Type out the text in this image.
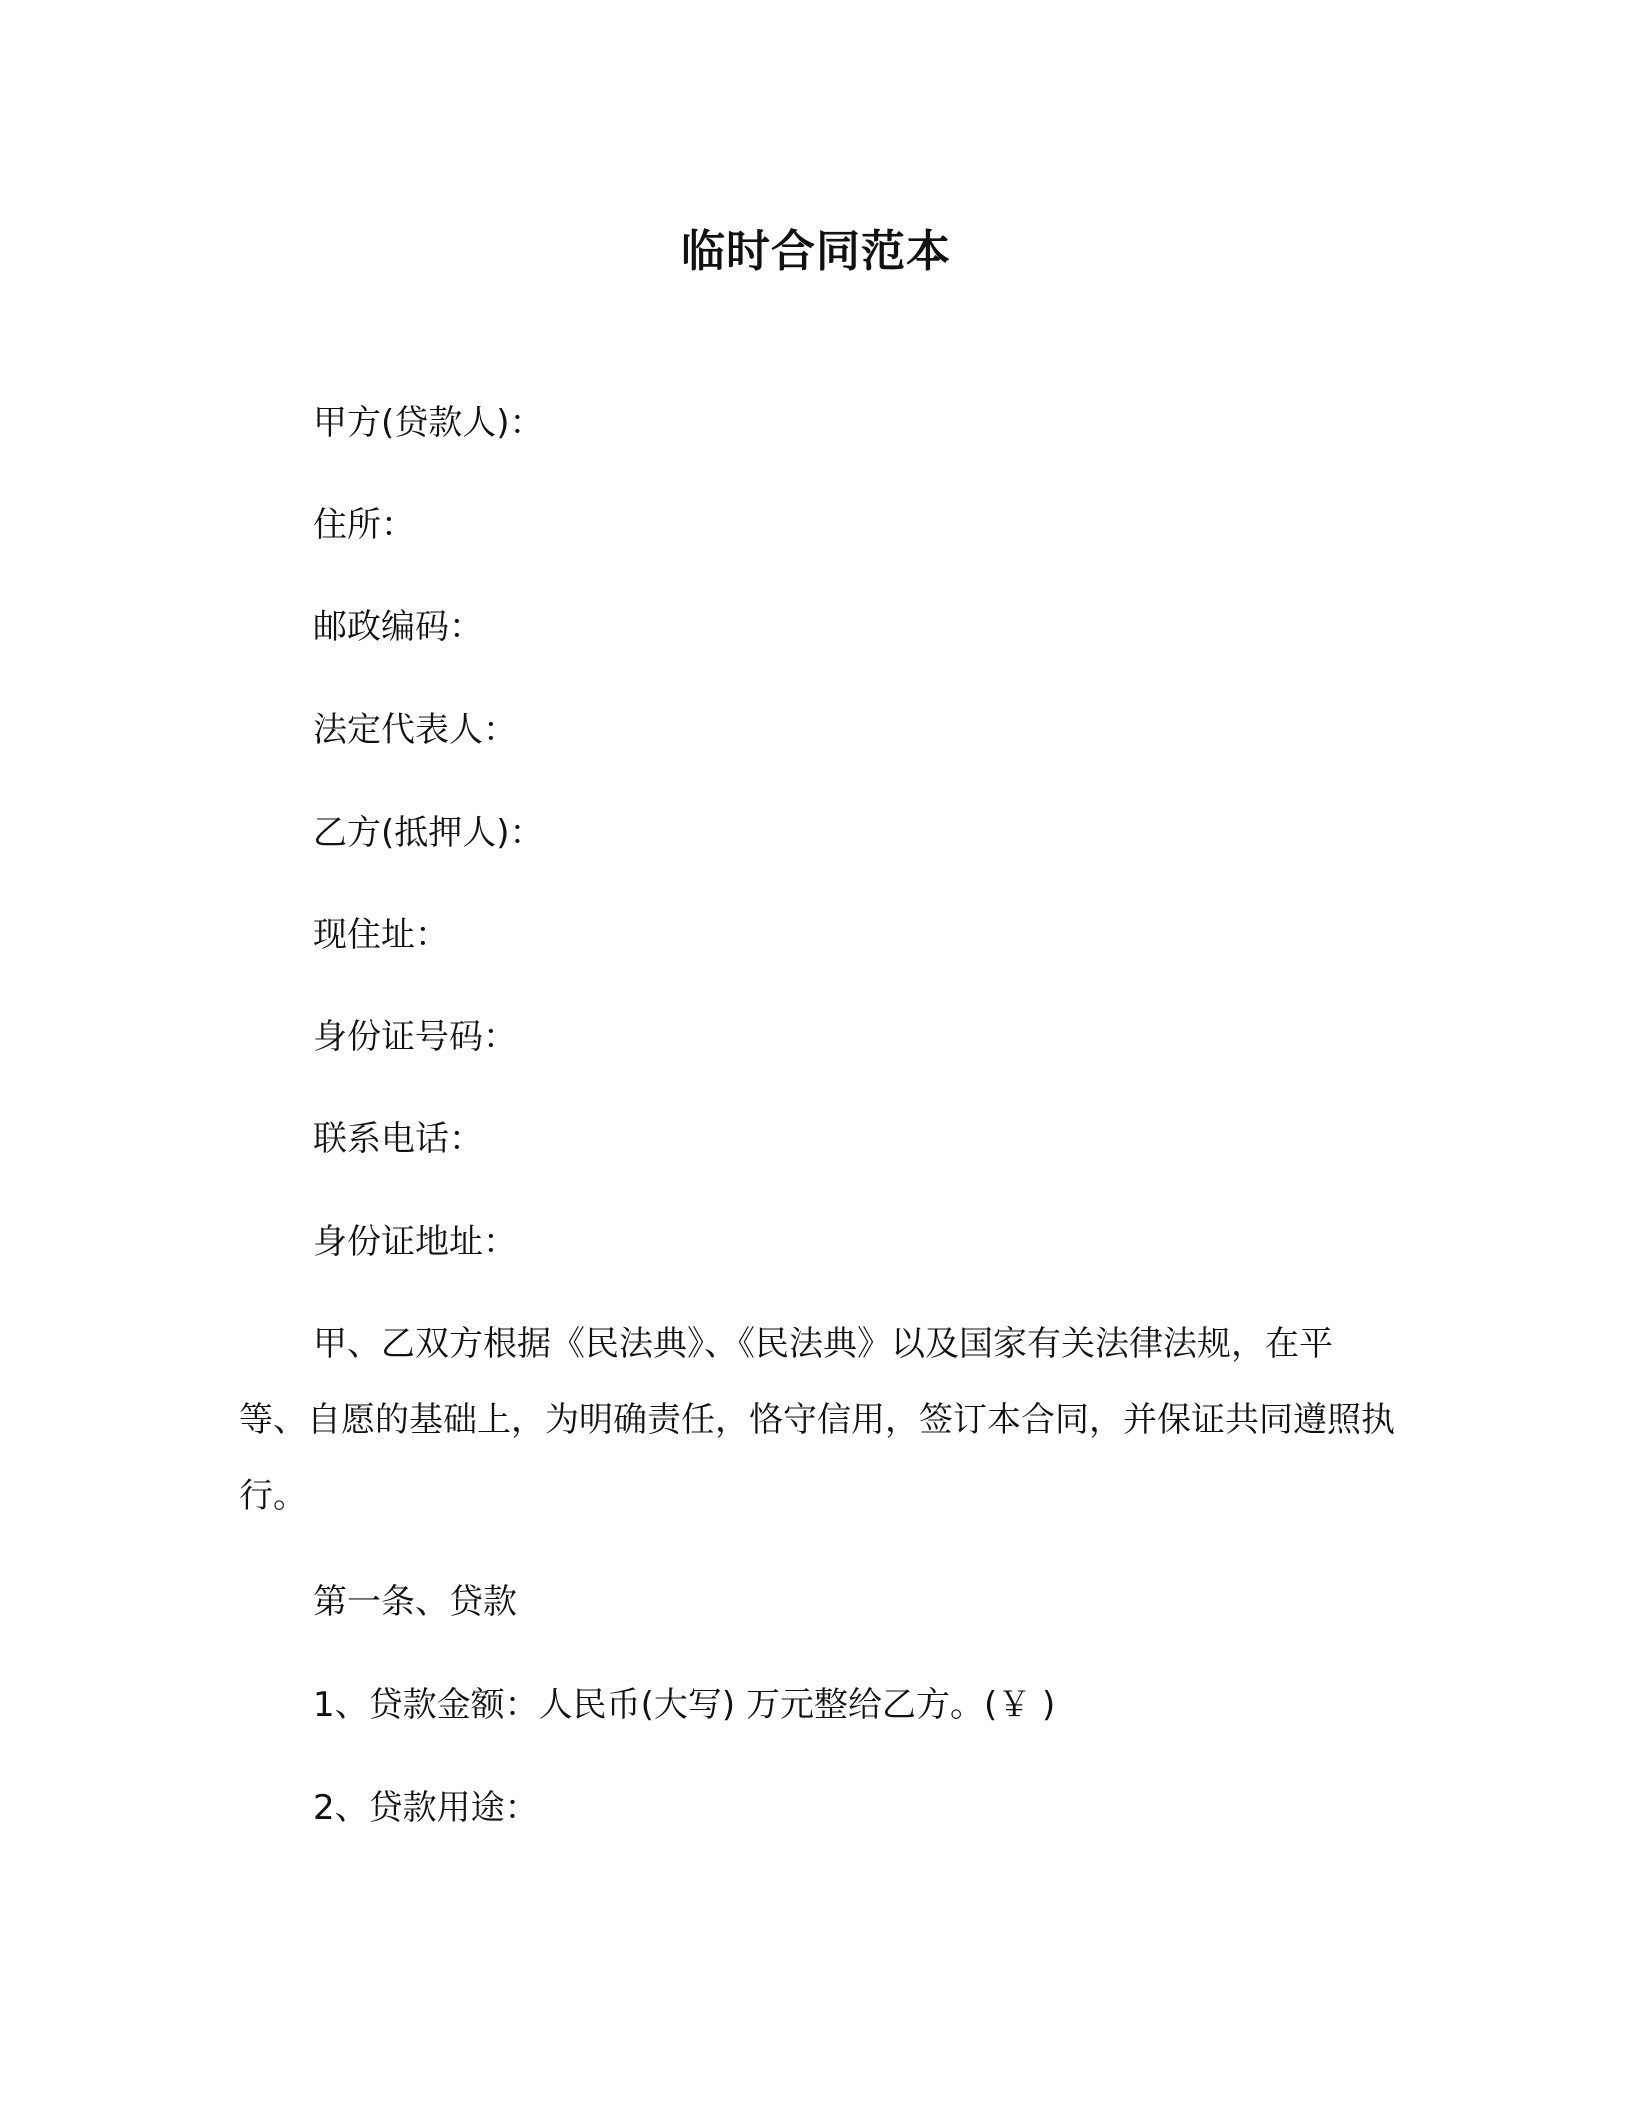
临时合同范本
甲方(贷款人)：
住所：
邮政编码：
法定代表人：
乙方(抵押人)：
现住址：
身份证号码：
联系电话：
身份证地址：
甲、乙双方根据《民法典》、《民法典》以及国家有关法律法规，在平等、自愿的基础上，为明确责任，恪守信用，签订本合同，并保证共同遵照执行。
第一条、贷款
1、贷款金额：人民币(大写) 万元整给乙方。(￥ )
2、贷款用途：
